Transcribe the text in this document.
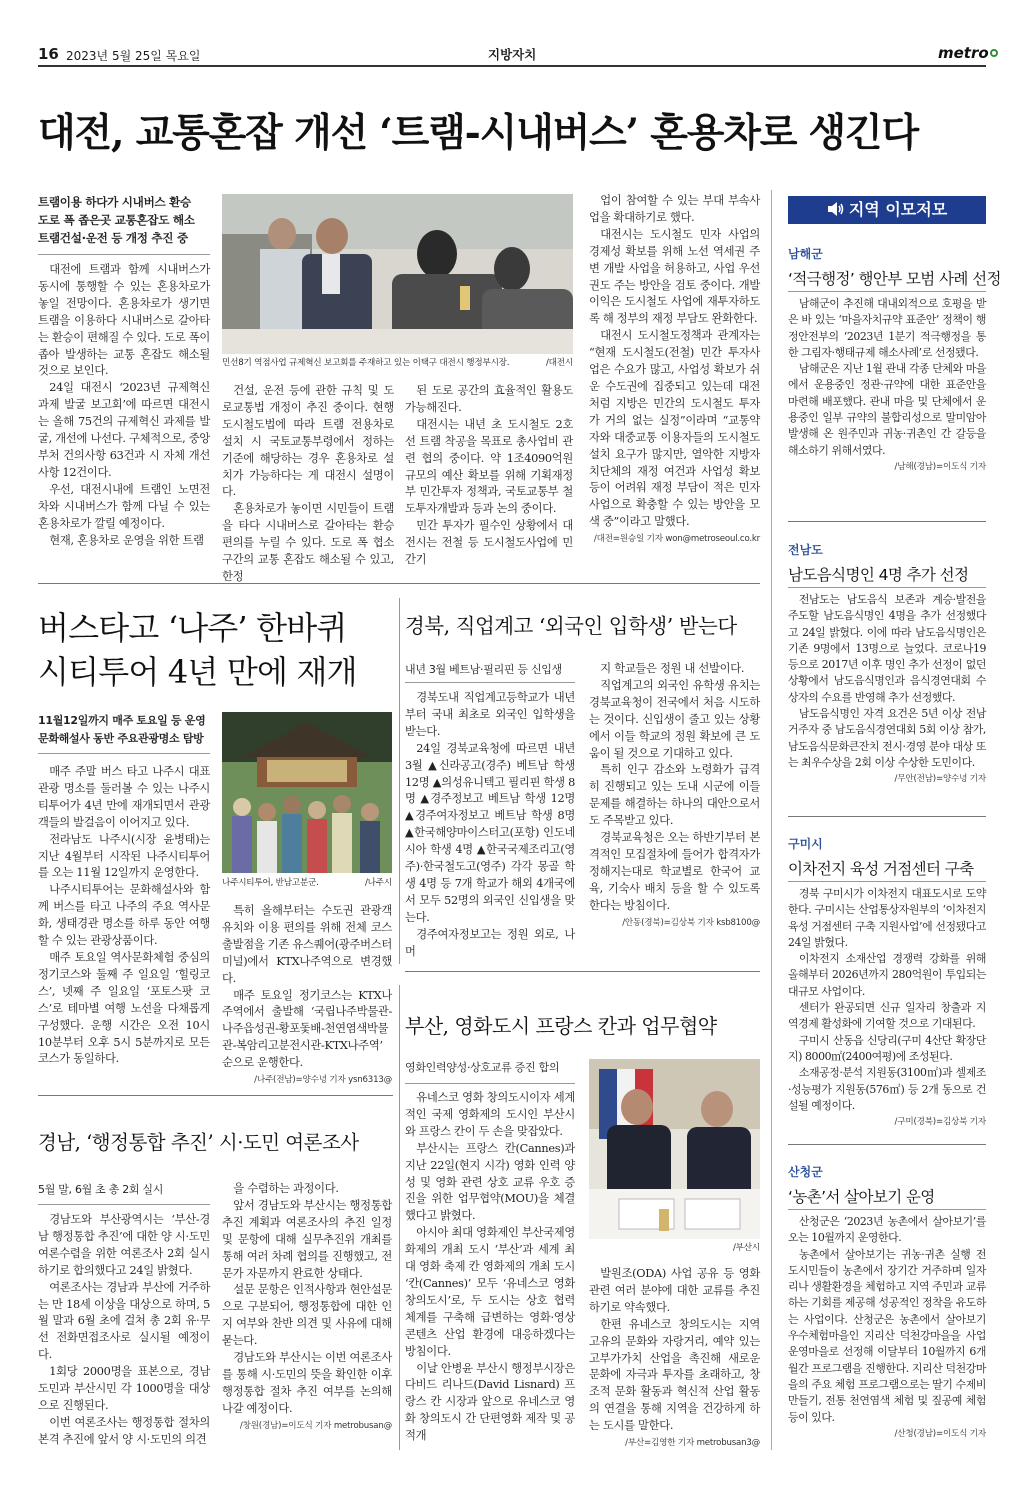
16 2023년 5월 25일 목요일	지방자치	metro
대전, 교통혼잡 개선 ‘트램-시내버스’ 혼용차로 생긴다
트램이용 하다가 시내버스 환승
도로 폭 좁은곳 교통혼잡도 해소
트램건설·운전 등 개정 추진 중

대전에 트램과 함께 시내버스가 동시에 통행할 수 있는 혼용차로가 놓일 전망이다. 혼용차로가 생기면 트램을 이용하다 시내버스로 갈아타는 환승이 편해질 수 있다. 도로 폭이 좁아 발생하는 교통 혼잡도 해소될 것으로 보인다.

24일 대전시 ‘2023년 규제혁신 과제 발굴 보고회’에 따르면 대전시는 올해 75건의 규제혁신 과제를 발굴, 개선에 나선다. 구체적으로, 중앙부처 건의사항 63건과 시 자체 개선사항 12건이다.

우선, 대전시내에 트램인 노면전차와 시내버스가 함께 다닐 수 있는 혼용차로가 깔릴 예정이다.

현재, 혼용차로 운영을 위한 트램

민선8기 역점사업 규제혁신 보고회를 주재하고 있는 이택구 대전시 행정부시장.	/대전시

건설, 운전 등에 관한 규칙 및 도로교통법 개정이 추진 중이다. 현행 도시철도법에 따라 트램 전용차로 설치 시 국토교통부령에서 정하는 기준에 해당하는 경우 혼용차로 설치가 가능하다는 게 대전시 설명이다.

혼용차로가 놓이면 시민들이 트램을 타다 시내버스로 갈아타는 환승 편의를 누릴 수 있다. 도로 폭 협소 구간의 교통 혼잡도 해소될 수 있고, 한정

된 도로 공간의 효율적인 활용도 가능해진다.

대전시는 내년 초 도시철도 2호선 트램 착공을 목표로 총사업비 관련 협의 중이다. 약 1조4090억원 규모의 예산 확보를 위해 기획재정부 민간투자 정책과, 국토교통부 철도투자개발과 등과 논의 중이다.

민간 투자가 필수인 상황에서 대전시는 전철 등 도시철도사업에 민간기

업이 참여할 수 있는 부대 부속사업을 확대하기로 했다.

대전시는 도시철도 민자 사업의 경제성 확보를 위해 노선 역세권 주변 개발 사업을 허용하고, 사업 우선권도 주는 방안을 검토 중이다. 개발 이익은 도시철도 사업에 재투자하도록 해 정부의 재정 부담도 완화한다.

대전시 도시철도정책과 관계자는 “현재 도시철도(전철) 민간 투자사업은 수요가 많고, 사업성 확보가 쉬운 수도권에 집중되고 있는데 대전처럼 지방은 민간의 도시철도 투자가 거의 없는 실정”이라며 “교통약자와 대중교통 이용자들의 도시철도 설치 요구가 많지만, 열악한 지방자치단체의 재정 여건과 사업성 확보 등이 어려워 재정 부담이 적은 민자 사업으로 확충할 수 있는 방안을 모색 중”이라고 말했다.

/대전=원승일 기자 won@metroseoul.co.kr

버스타고 ‘나주’ 한바퀴
시티투어 4년 만에 재개
11월12일까지 매주 토요일 등 운영
문화해설사 동반 주요관광명소 탐방

매주 주말 버스 타고 나주시 대표 관광 명소를 둘러볼 수 있는 나주시티투어가 4년 만에 재개되면서 관광객들의 발걸음이 이어지고 있다.

전라남도 나주시(시장 윤병태)는 지난 4월부터 시작된 나주시티투어를 오는 11월 12일까지 운영한다.

나주시티투어는 문화해설사와 함께 버스를 타고 나주의 주요 역사문화, 생태경관 명소를 하루 동안 여행할 수 있는 관광상품이다.

매주 토요일 역사문화체험 중심의 정기코스와 둘째 주 일요일 ‘힐링코스’, 넷째 주 일요일 ‘포토스팟 코스’로 테마별 여행 노선을 다채롭게 구성했다. 운행 시간은 오전 10시 10분부터 오후 5시 5분까지로 모든 코스가 동일하다.

나주시티투어, 반남고분군.	/나주시

특히 올해부터는 수도권 관광객 유치와 이용 편의를 위해 전체 코스 출발점을 기존 유스퀘어(광주버스터미널)에서 KTX나주역으로 변경했다.

매주 토요일 정기코스는 KTX나주역에서 출발해 ‘국립나주박물관-나주읍성권-황포돛배-천연염색박물관-복암리고분전시관-KTX나주역’ 순으로 운행한다.

/나주(전남)=양수녕 기자 ysn6313@

경북, 직업계고 ‘외국인 입학생’ 받는다
내년 3월 베트남·필리핀 등 신입생

경북도내 직업계고등학교가 내년부터 국내 최초로 외국인 입학생을 받는다.

24일 경북교육청에 따르면 내년 3월 ▲신라공고(경주) 베트남 학생 12명 ▲의성유니텍고 필리핀 학생 8명 ▲경주정보고 베트남 학생 12명 ▲경주여자정보고 베트남 학생 8명 ▲한국해양마이스터고(포항) 인도네시아 학생 4명 ▲한국국제조리고(영주)·한국철도고(영주) 각각 몽골 학생 4명 등 7개 학교가 해외 4개국에서 모두 52명의 외국인 신입생을 맞는다.

경주여자정보고는 정원 외로, 나머

지 학교들은 정원 내 선발이다.

직업계고의 외국인 유학생 유치는 경북교육청이 전국에서 처음 시도하는 것이다. 신입생이 줄고 있는 상황에서 이들 학교의 정원 확보에 큰 도움이 될 것으로 기대하고 있다.

특히 인구 감소와 노령화가 급격히 진행되고 있는 도내 시군에 이들 문제를 해결하는 하나의 대안으로서도 주목받고 있다.

경북교육청은 오는 하반기부터 본격적인 모집절차에 들어가 합격자가 정해지는대로 학교별로 한국어 교육, 기숙사 배치 등을 할 수 있도록 한다는 방침이다.

/안동(경북)=김상북 기자 ksb8100@

경남, ‘행정통합 추진’ 시·도민 여론조사
5월 말, 6월 초 총 2회 실시

경남도와 부산광역시는 ‘부산-경남 행정통합 추진’에 대한 양 시·도민 여론수렴을 위한 여론조사 2회 실시하기로 합의했다고 24일 밝혔다.

여론조사는 경남과 부산에 거주하는 만 18세 이상을 대상으로 하며, 5월 말과 6월 초에 걸쳐 총 2회 유·무선 전화면접조사로 실시될 예정이다.

1회당 2000명을 표본으로, 경남도민과 부산시민 각 1000명을 대상으로 진행된다.

이번 여론조사는 행정통합 절차의 본격 추진에 앞서 양 시·도민의 의견

을 수렴하는 과정이다.

앞서 경남도와 부산시는 행정통합 추진 계획과 여론조사의 추진 일정 및 문항에 대해 실무추진위 개최를 통해 여러 차례 협의를 진행했고, 전문가 자문까지 완료한 상태다.

설문 문항은 인적사항과 현안설문으로 구분되어, 행정통합에 대한 인지 여부와 찬반 의견 및 사유에 대해 묻는다.

경남도와 부산시는 이번 여론조사를 통해 시·도민의 뜻을 확인한 이후 행정통합 절차 추진 여부를 논의해 나갈 예정이다.

/창원(경남)=이도식 기자 metrobusan@

부산, 영화도시 프랑스 칸과 업무협약
영화인력양성·상호교류 증진 합의

유네스코 영화 창의도시이자 세계적인 국제 영화제의 도시인 부산시와 프랑스 칸이 두 손을 맞잡았다.

부산시는 프랑스 칸(Cannes)과 지난 22일(현지 시각) 영화 인력 양성 및 영화 관련 상호 교류 우호 증진을 위한 업무협약(MOU)을 체결했다고 밝혔다.

아시아 최대 영화제인 부산국제영화제의 개최 도시 ‘부산’과 세계 최대 영화 축제 칸 영화제의 개최 도시 ‘칸(Cannes)’ 모두 ‘유네스코 영화 창의도시’로, 두 도시는 상호 협력 체계를 구축해 급변하는 영화·영상 콘텐츠 산업 환경에 대응하겠다는 방침이다.

이날 안병윤 부산시 행정부시장은 다비드 리나드(David Lisnard) 프랑스 칸 시장과 앞으로 유네스코 영화 창의도시 간 단편영화 제작 및 공적개

/부산시

발원조(ODA) 사업 공유 등 영화 관련 여러 분야에 대한 교류를 추진하기로 약속했다.

한편 유네스코 창의도시는 지역 고유의 문화와 자랑거리, 예약 있는 고부가가치 산업을 촉진해 새로운 문화에 자극과 투자를 초래하고, 창조적 문화 활동과 혁신적 산업 활동의 연결을 통해 지역을 건강하게 하는 도시를 말한다.

/부산=김영한 기자 metrobusan3@

지역 이모저모
남해군
‘적극행정’ 행안부 모범 사례 선정

남해군이 추진해 대내외적으로 호평을 받은 바 있는 ‘마을자치규약 표준안’ 정책이 행정안전부의 ‘2023년 1분기 적극행정을 통한 그림자·행태규제 해소사례’로 선정됐다.

남해군은 지난 1월 관내 각종 단체와 마을에서 운용중인 정관·규약에 대한 표준안을 마련해 배포했다. 관내 마을 및 단체에서 운용중인 일부 규약의 불합리성으로 말미암아 발생해 온 원주민과 귀농·귀촌인 간 갈등을 해소하기 위해서였다.

/남해(경남)=이도식 기자

전남도
남도음식명인 4명 추가 선정

전남도는 남도음식 보존과 계승·발전을 주도할 남도음식명인 4명을 추가 선정했다고 24일 밝혔다. 이에 따라 남도음식명인은 기존 9명에서 13명으로 늘었다. 코로나19 등으로 2017년 이후 명인 추가 선정이 없던 상황에서 남도음식명인과 음식경연대회 수상자의 수요를 반영해 추가 선정했다.

남도음식명인 자격 요건은 5년 이상 전남 거주자 중 남도음식경연대회 5회 이상 참가, 남도음식문화큰잔치 전시·경영 분야 대상 또는 최우수상을 2회 이상 수상한 도민이다.

/무안(전남)=양수녕 기자

구미시
이차전지 육성 거점센터 구축

경북 구미시가 이차전지 대표도시로 도약한다. 구미시는 산업통상자원부의 ‘이차전지 육성 거점센터 구축 지원사업’에 선정됐다고 24일 밝혔다.

이차전지 소재산업 경쟁력 강화를 위해 올해부터 2026년까지 280억원이 투입되는 대규모 사업이다.

센터가 완공되면 신규 일자리 창출과 지역경제 활성화에 기여할 것으로 기대된다.

구미시 산동읍 신당리(구미 4산단 확장단지) 8000㎡(2400여평)에 조성된다.

소재공정·분석 지원동(3100㎡)과 셀제조·성능평가 지원동(576㎡) 등 2개 동으로 건설될 예정이다.

/구미(경북)=김상북 기자

산청군
‘농촌’서 살아보기 운영

산청군은 ‘2023년 농촌에서 살아보기’를 오는 10월까지 운영한다.

농촌에서 살아보기는 귀농·귀촌 실행 전 도시민들이 농촌에서 장기간 거주하며 일자리나 생활환경을 체험하고 지역 주민과 교류하는 기회를 제공해 성공적인 정착을 유도하는 사업이다. 산청군은 농촌에서 살아보기 우수체험마을인 지리산 덕천강마을을 사업운영마을로 선정해 이달부터 10월까지 6개월간 프로그램을 진행한다. 지리산 덕천강마을의 주요 체험 프로그램으로는 딸기 수제비 만들기, 전통 천연염색 체험 및 짚공예 체험 등이 있다.

/산청(경남)=이도식 기자
